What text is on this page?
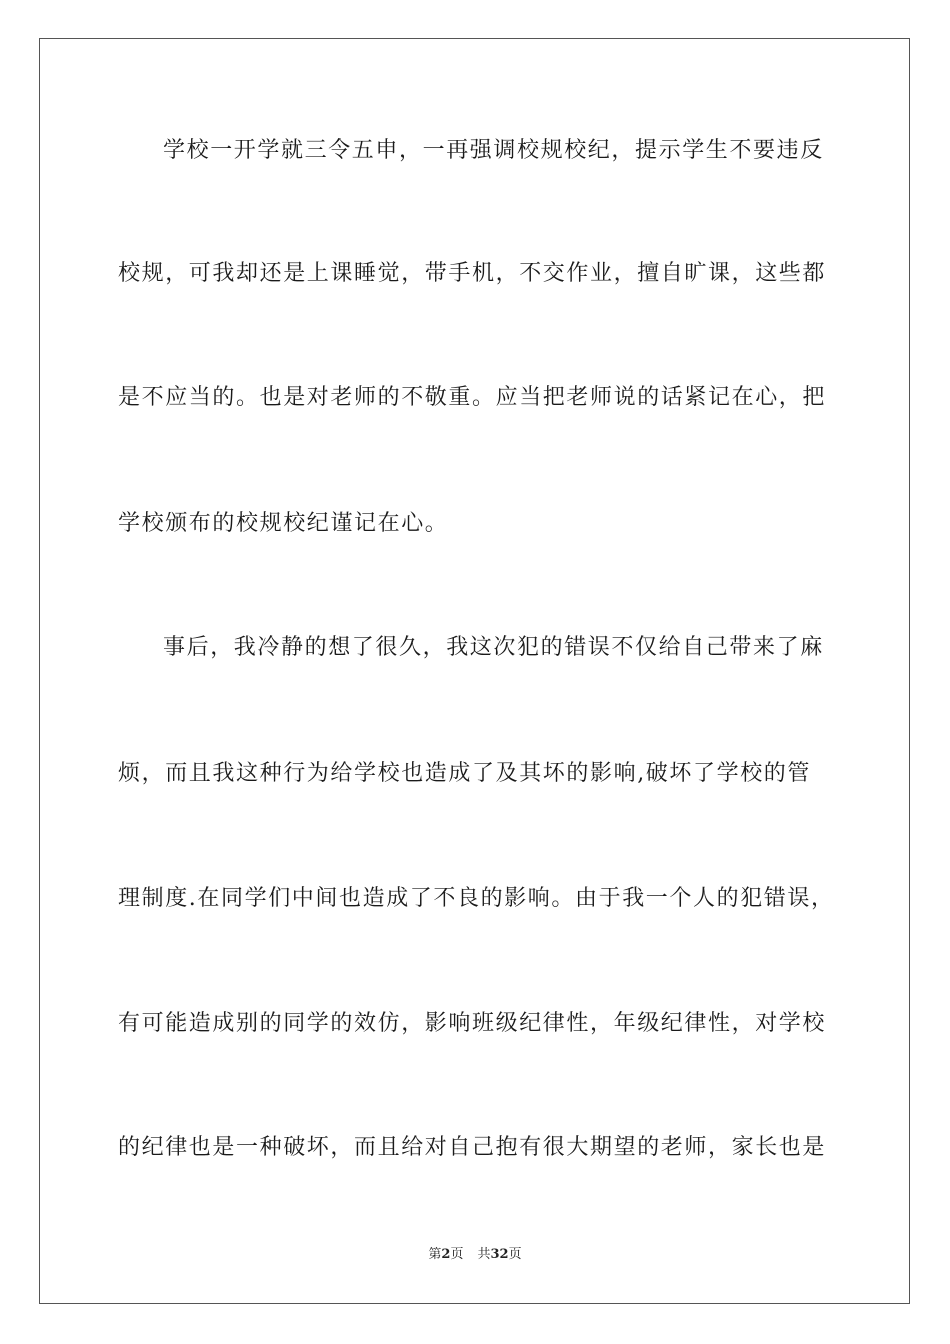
学校一开学就三令五申，一再强调校规校纪，提示学生不要违反
校规，可我却还是上课睡觉，带手机，不交作业，擅自旷课，这些都
是不应当的。也是对老师的不敬重。应当把老师说的话紧记在心，把
学校颁布的校规校纪谨记在心。
事后，我冷静的想了很久，我这次犯的错误不仅给自己带来了麻
烦，而且我这种行为给学校也造成了及其坏的影响,破坏了学校的管
理制度.在同学们中间也造成了不良的影响。由于我一个人的犯错误，
有可能造成别的同学的效仿，影响班级纪律性，年级纪律性，对学校
的纪律也是一种破坏，而且给对自己抱有很大期望的老师，家长也是
第2页 共32页
